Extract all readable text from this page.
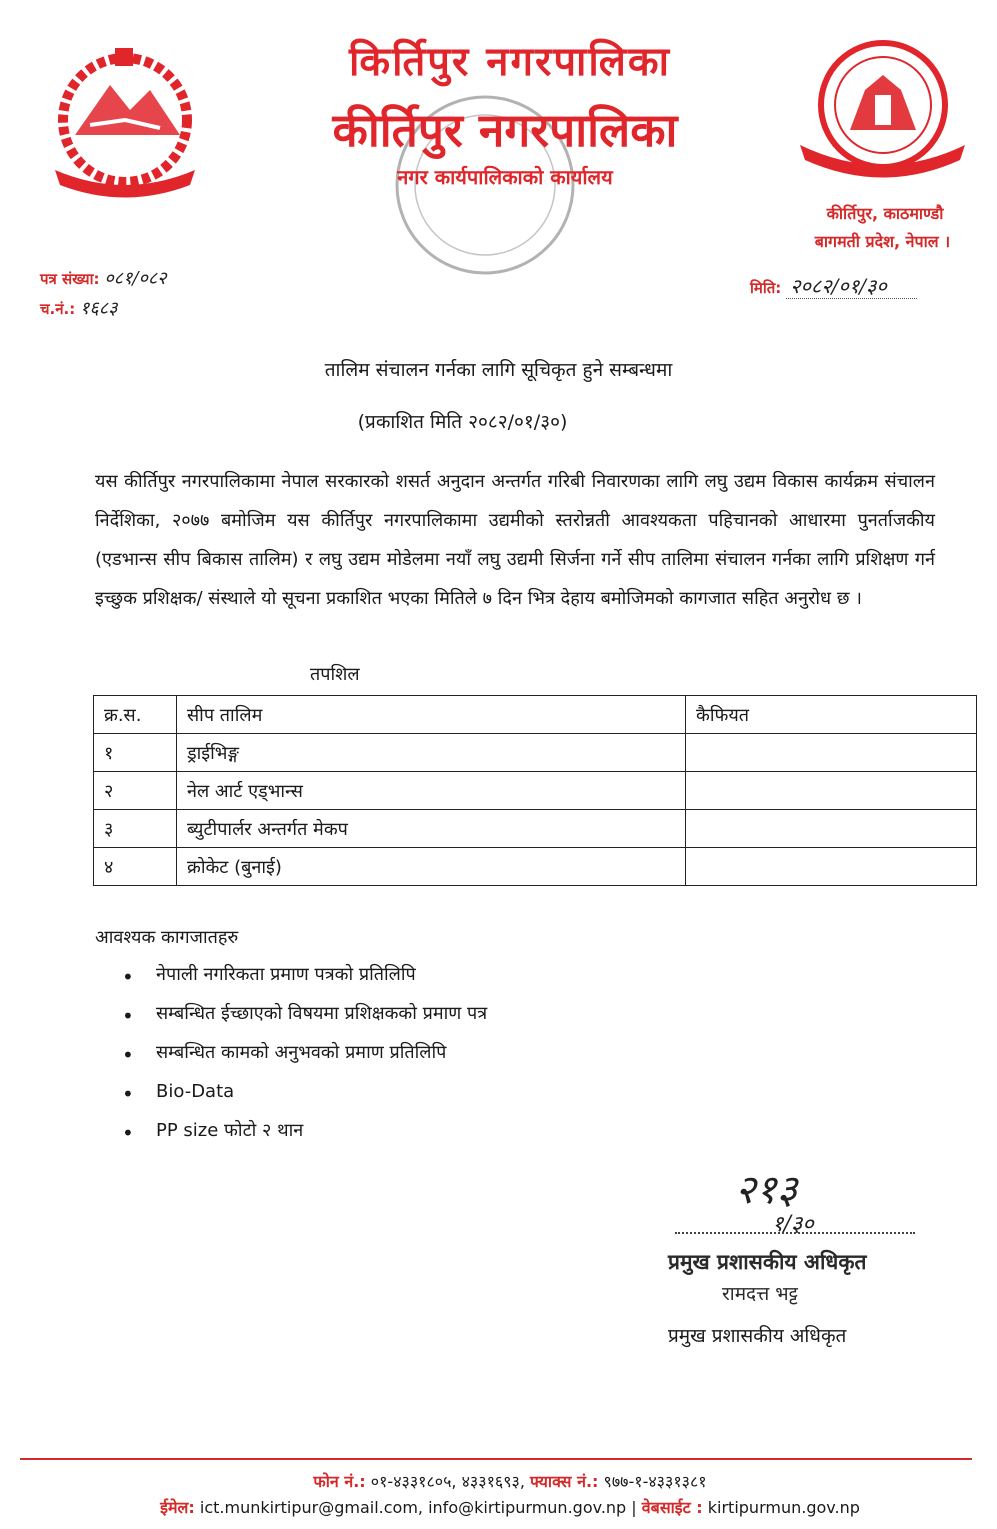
किर्तिपुर नगरपालिका
कीर्तिपुर नगरपालिका
नगर कार्यपालिकाको कार्यालय
कीर्तिपुर, काठमाण्डौ
बागमती प्रदेश, नेपाल ।
पत्र संख्या: ०८१/०८२
च.नं.: १६८३
मिति: २०८२/०१/३०
तालिम संचालन गर्नका लागि सूचिकृत हुने सम्बन्धमा
(प्रकाशित मिति २०८२/०१/३०)
यस कीर्तिपुर नगरपालिकामा नेपाल सरकारको शसर्त अनुदान अन्तर्गत गरिबी निवारणका लागि लघु उद्यम विकास कार्यक्रम संचालन निर्देशिका, २०७७ बमोजिम यस कीर्तिपुर नगरपालिकामा उद्यमीको स्तरोन्नती आवश्यकता पहिचानको आधारमा पुनर्ताजकीय (एडभान्स सीप बिकास तालिम) र लघु उद्यम मोडेलमा नयाँ लघु उद्यमी सिर्जना गर्ने सीप तालिमा संचालन गर्नका लागि प्रशिक्षण गर्न इच्छुक प्रशिक्षक/ संस्थाले यो सूचना प्रकाशित भएका मितिले ७ दिन भित्र देहाय बमोजिमको कागजात सहित अनुरोध छ ।
तपशिल
क्र.स.	सीप तालिम	कैफियत
१	ड्राईभिङ्ग	
२	नेल आर्ट एड्भान्स	
३	ब्युटीपार्लर अन्तर्गत मेकप	
४	क्रोकेट (बुनाई)	
आवश्यक कागजातहरु
• नेपाली नगरिकता प्रमाण पत्रको प्रतिलिपि
• सम्बन्धित ईच्छाएको विषयमा प्रशिक्षकको प्रमाण पत्र
• सम्बन्धित कामको अनुभवको प्रमाण प्रतिलिपि
• Bio-Data
• PP size फोटो २ थान
२१३
१/३०
प्रमुख प्रशासकीय अधिकृत
रामदत्त भट्ट
प्रमुख प्रशासकीय अधिकृत
फोन नं.: ०१-४३३१८०५, ४३३१६९३, फ्याक्स नं.: ९७७-१-४३३१३८१
ईमेल: ict.munkirtipur@gmail.com, info@kirtipurmun.gov.np | वेबसाईट : kirtipurmun.gov.np
